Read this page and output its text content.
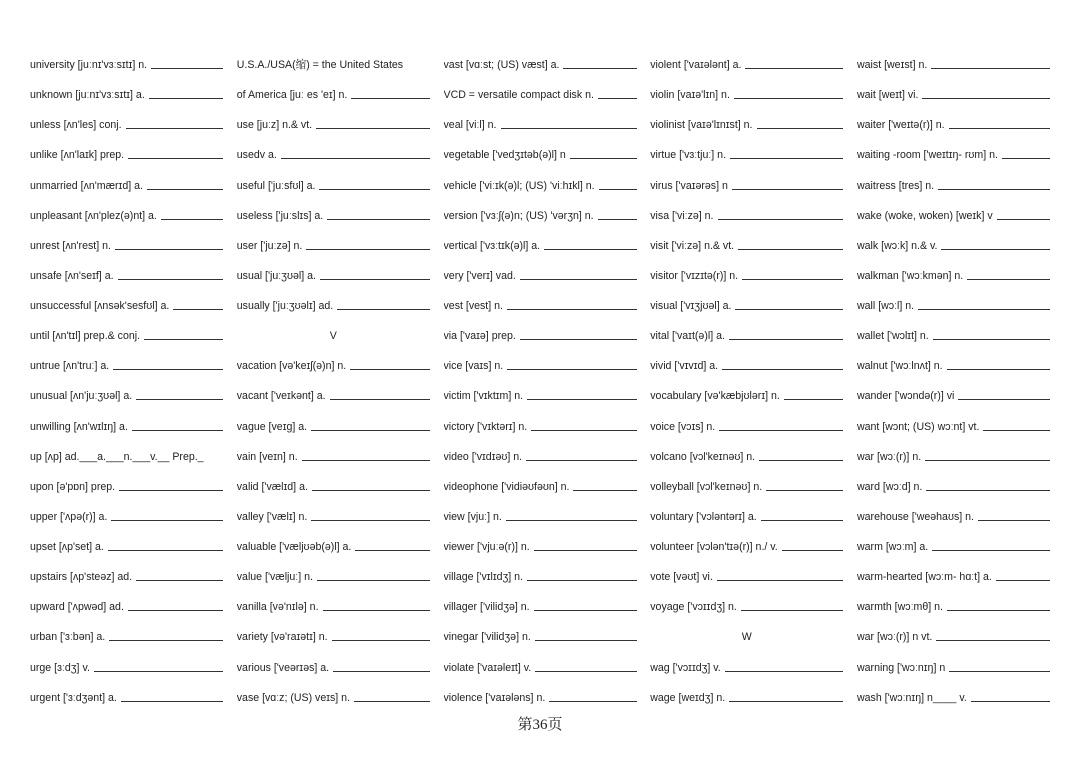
university [juːnɪ'vɜːsɪtɪ] n.
unknown [juːnɪ'vɜːsɪtɪ] a.
unless [ʌn'les] conj.
unlike [ʌn'laɪk] prep.
unmarried [ʌn'mærɪd] a.
unpleasant [ʌn'plez(ə)nt] a.
unrest [ʌn'rest] n.
unsafe [ʌn'seɪf] a.
unsuccessful [ʌnsək'sesfʊl] a.
until [ʌn'tɪl] prep.& conj.
untrue [ʌn'truː] a.
unusual [ʌn'juːʒʊəl] a.
unwilling [ʌn'wɪlɪŋ] a.
up [ʌp] ad.___a.___n.___v.__ Prep._
upon [ə'pɒn] prep.
upper ['ʌpə(r)] a.
upset [ʌp'set] a.
upstairs [ʌp'steəz] ad.
upward ['ʌpwəd] ad.
urban ['ɜːbən] a.
urge [ɜːdʒ] v.
urgent ['ɜːdʒənt] a.
U.S.A./USA(缩) = the United States
of America [juː es 'eɪ] n.
use [juːz] n.& vt.
usedv a.
useful ['juːsfʊl] a.
useless ['juːslɪs] a.
user ['juːzə] n.
usual ['juːʒʊəl] a.
usually ['juːʒʊəlɪ] ad.
V
vacation [və'keɪʃ(ə)n] n.
vacant ['veɪkənt] a.
vague [veɪg] a.
vain [veɪn] n.
valid ['vælɪd] a.
valley ['vælɪ] n.
valuable ['væljʊəb(ə)l] a.
value ['væljuː] n.
vanilla [və'nɪlə] n.
variety [və'raɪətɪ] n.
various ['veərɪəs] a.
vase [vɑːz; (US) veɪs] n.
vast [vɑːst; (US) væst] a.
VCD = versatile compact disk n.
veal [viːl] n.
vegetable ['vedʒɪtəb(ə)l] n
vehicle ['viːɪk(ə)l; (US) 'viːhɪkl] n.
version ['vɜːʃ(ə)n; (US) 'vərʒn] n.
vertical ['vɜːtɪk(ə)l] a.
very ['verɪ] vad.
vest [vest] n.
via ['vaɪə] prep.
vice [vaɪs] n.
victim ['vɪktɪm] n.
victory ['vɪktərɪ] n.
video ['vɪdɪəʊ] n.
videophone ['vidiəʊfəʊn] n.
view [vjuː] n.
viewer ['vjuːə(r)] n.
village ['vɪlɪdʒ] n.
villager ['vilidʒə] n.
vinegar ['vilidʒə] n.
violate ['vaɪəleɪt] v.
violence ['vaɪələns] n.
violent ['vaɪələnt] a.
violin [vaɪə'lɪn] n.
violinist [vaɪə'lɪnɪst] n.
virtue ['vɜːtjuː] n.
virus ['vaɪərəs] n
visa ['viːzə] n.
visit ['viːzə] n.& vt.
visitor ['vɪzɪtə(r)] n.
visual ['vɪʒjʊəl] a.
vital ['vaɪt(ə)l] a.
vivid ['vɪvɪd] a.
vocabulary [və'kæbjʊlərɪ] n.
voice [vɔɪs] n.
volcano [vɔl'keɪnəʊ] n.
volleyball [vɔl'keɪnəʊ] n.
voluntary ['vɔləntərɪ] a.
volunteer [vɔlən'tɪə(r)] n./ v.
vote [vəʊt] vi.
voyage ['vɔɪɪdʒ] n.
W
wag ['vɔɪɪdʒ] v.
wage [weɪdʒ] n.
waist [weɪst] n.
wait [weɪt] vi.
waiter ['weɪtə(r)] n.
waiting -room ['weɪtɪŋ- rʊm] n.
waitress [tres] n.
wake (woke, woken) [weɪk] v
walk [wɔːk] n.& v.
walkman ['wɔːkmən] n.
wall [wɔːl] n.
wallet ['wɔlɪt] n.
walnut ['wɔːlnʌt] n.
wander ['wɔndə(r)] vi
want [wɔnt; (US) wɔːnt] vt.
war [wɔː(r)] n.
ward [wɔːd] n.
warehouse ['weəhaʊs] n.
warm [wɔːm] a.
warm-hearted [wɔːm- hɑːt] a.
warmth [wɔːmθ] n.
war [wɔː(r)] n vt.
warning ['wɔːnɪŋ] n
wash ['wɔːnɪŋ] n____ v.
第36页
